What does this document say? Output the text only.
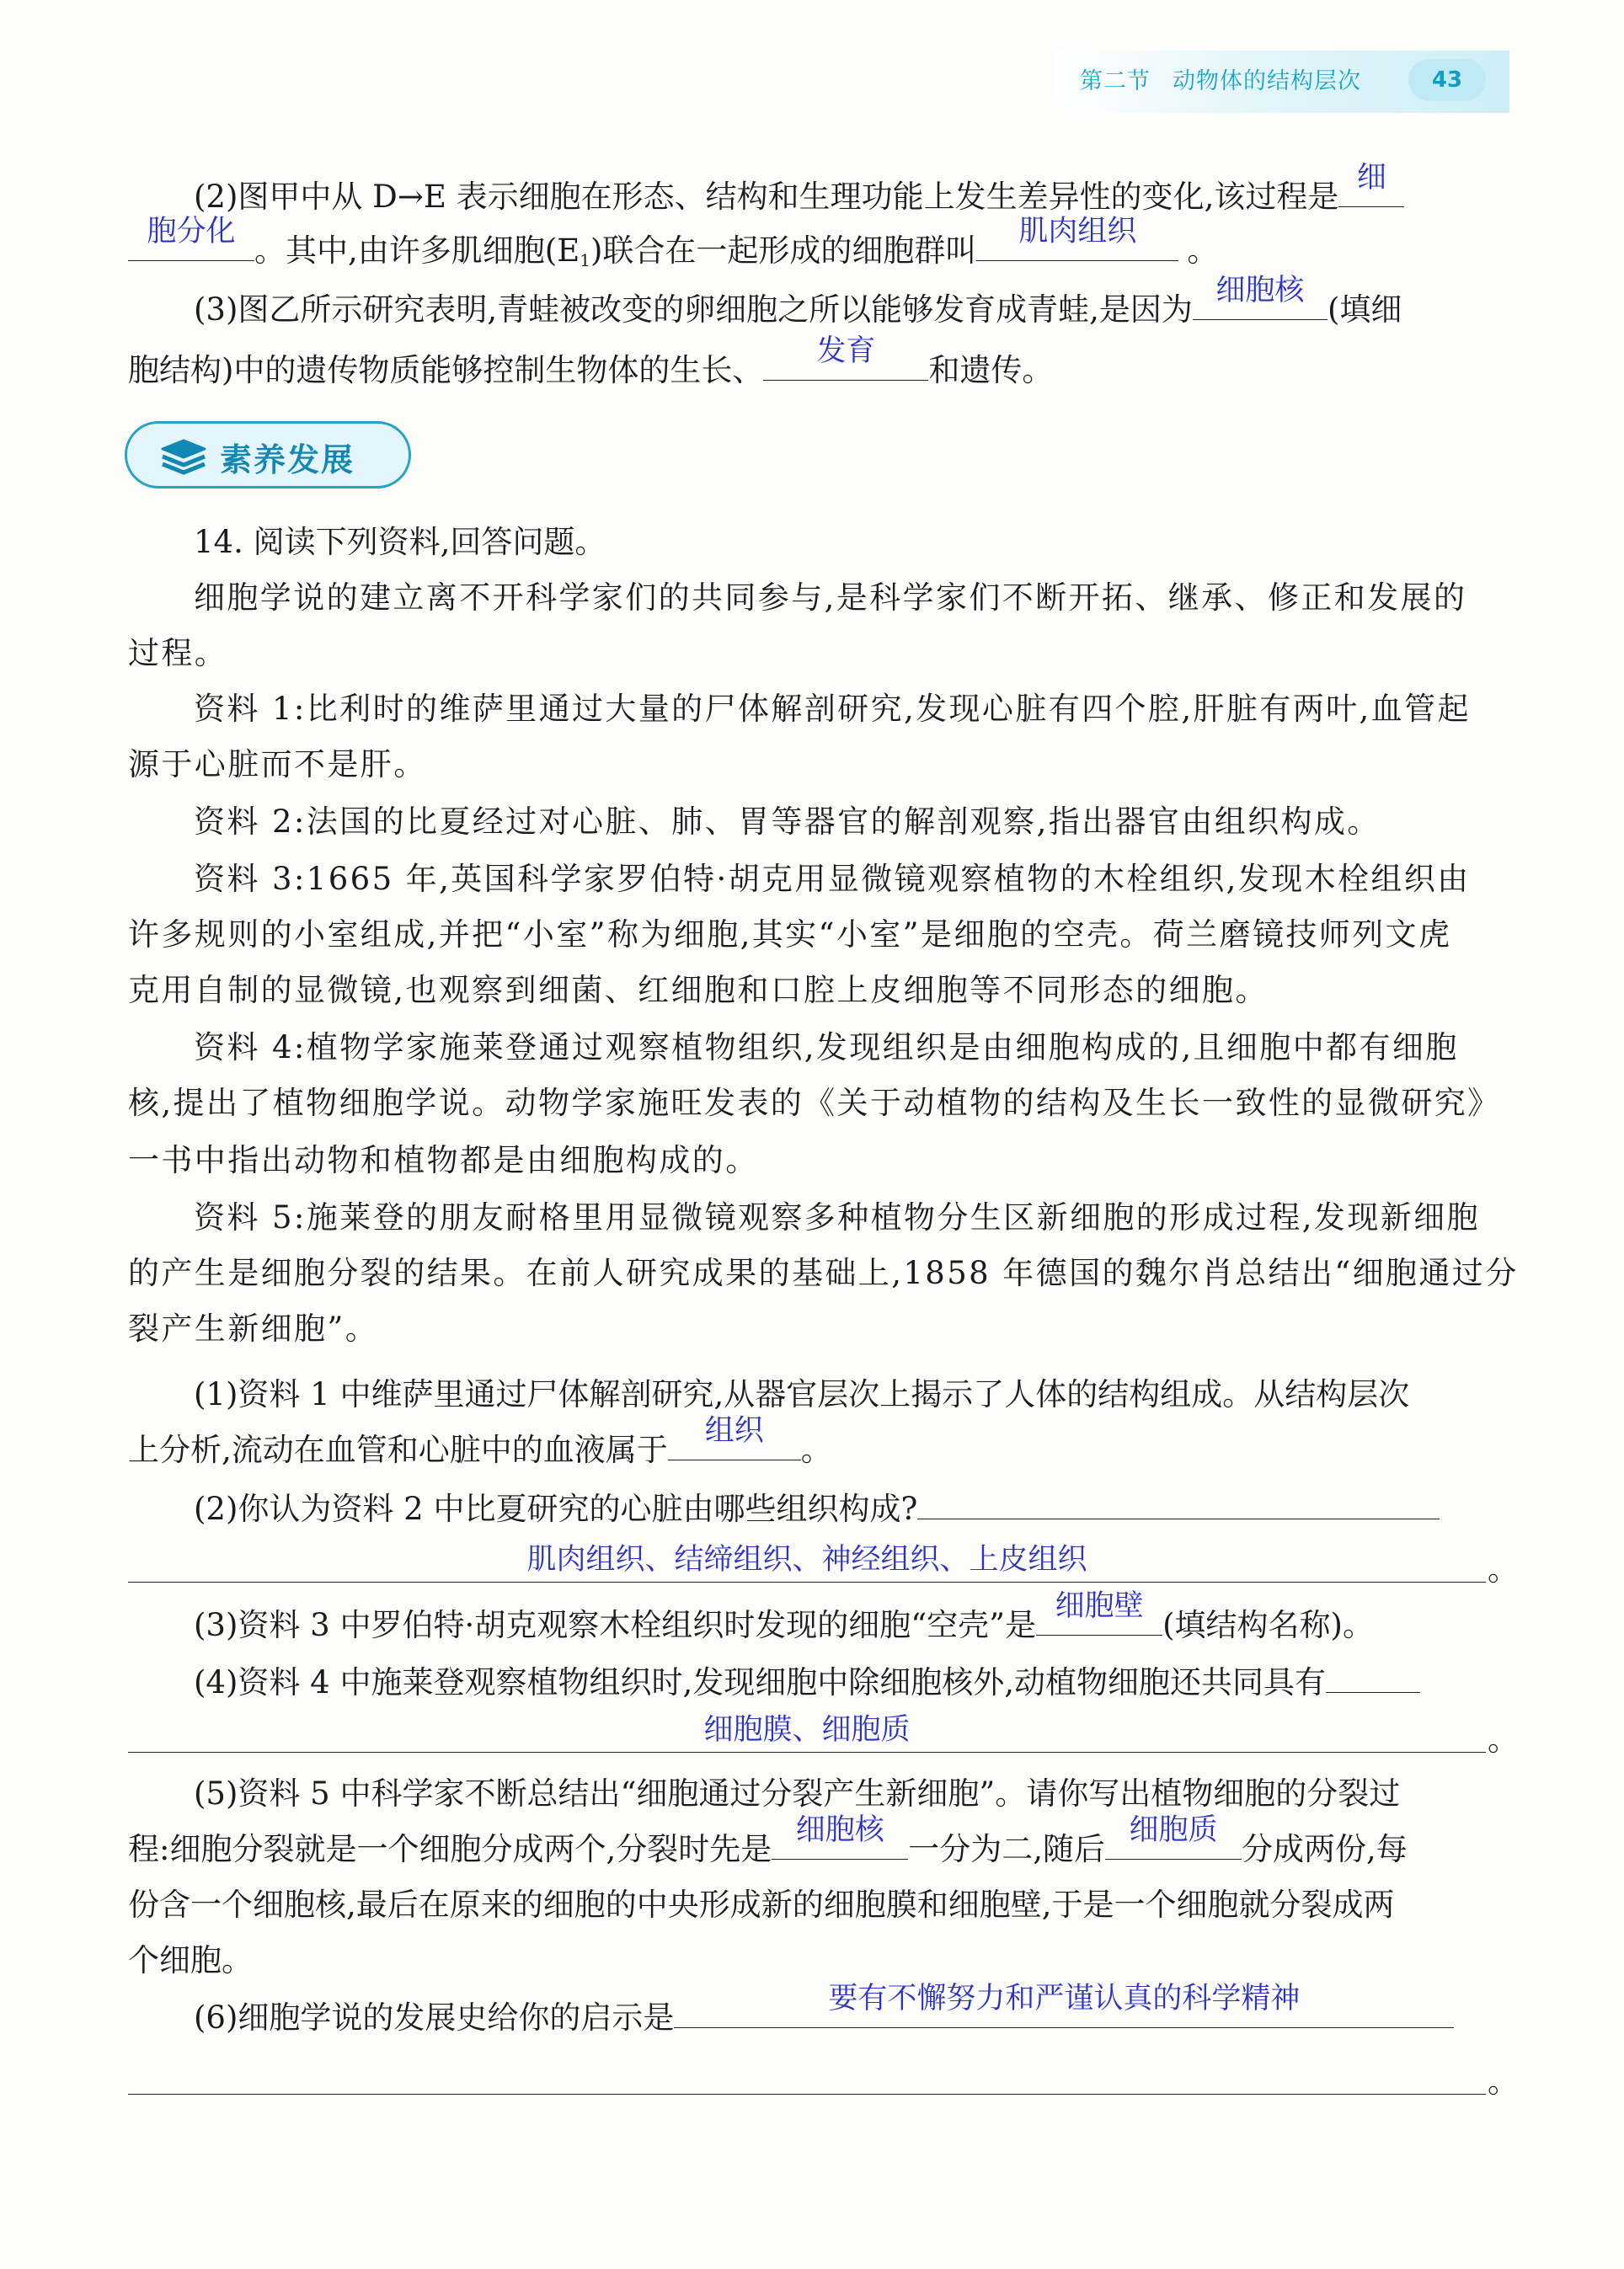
第二节 动物体的结构层次	43
(2)图甲中从 D→E 表示细胞在形态、结构和生理功能上发生差异性的变化,该过程是
细
胞分化
。其中,由许多肌细胞$(E_1)$联合在一起形成的细胞群叫
肌肉组织
。
(3)图乙所示研究表明,青蛙被改变的卵细胞之所以能够发育成青蛙,是因为
细胞核
(填细
胞结构)中的遗传物质能够控制生物体的生长、
发育
和遗传。
素养发展
14. 阅读下列资料,回答问题。
细胞学说的建立离不开科学家们的共同参与,是科学家们不断开拓、继承、修正和发展的
过程。
资料 1:比利时的维萨里通过大量的尸体解剖研究,发现心脏有四个腔,肝脏有两叶,血管起
源于心脏而不是肝。
资料 2:法国的比夏经过对心脏、肺、胃等器官的解剖观察,指出器官由组织构成。
资料 3:1665 年,英国科学家罗伯特·胡克用显微镜观察植物的木栓组织,发现木栓组织由
许多规则的小室组成,并把“小室”称为细胞,其实“小室”是细胞的空壳。荷兰磨镜技师列文虎
克用自制的显微镜,也观察到细菌、红细胞和口腔上皮细胞等不同形态的细胞。
资料 4:植物学家施莱登通过观察植物组织,发现组织是由细胞构成的,且细胞中都有细胞
核,提出了植物细胞学说。动物学家施旺发表的《关于动植物的结构及生长一致性的显微研究》
一书中指出动物和植物都是由细胞构成的。
资料 5:施莱登的朋友耐格里用显微镜观察多种植物分生区新细胞的形成过程,发现新细胞
的产生是细胞分裂的结果。在前人研究成果的基础上,1858 年德国的魏尔肖总结出“细胞通过分
裂产生新细胞”。
(1)资料 1 中维萨里通过尸体解剖研究,从器官层次上揭示了人体的结构组成。从结构层次
上分析,流动在血管和心脏中的血液属于
组织
。
(2)你认为资料 2 中比夏研究的心脏由哪些组织构成?
肌肉组织、结缔组织、神经组织、上皮组织	。
(3)资料 3 中罗伯特·胡克观察木栓组织时发现的细胞“空壳”是
细胞壁
(填结构名称)。
(4)资料 4 中施莱登观察植物组织时,发现细胞中除细胞核外,动植物细胞还共同具有
细胞膜、细胞质	。
(5)资料 5 中科学家不断总结出“细胞通过分裂产生新细胞”。请你写出植物细胞的分裂过
程:细胞分裂就是一个细胞分成两个,分裂时先是
细胞核
一分为二,随后
细胞质
分成两份,每
份含一个细胞核,最后在原来的细胞的中央形成新的细胞膜和细胞壁,于是一个细胞就分裂成两
个细胞。
(6)细胞学说的发展史给你的启示是
要有不懈努力和严谨认真的科学精神
。
